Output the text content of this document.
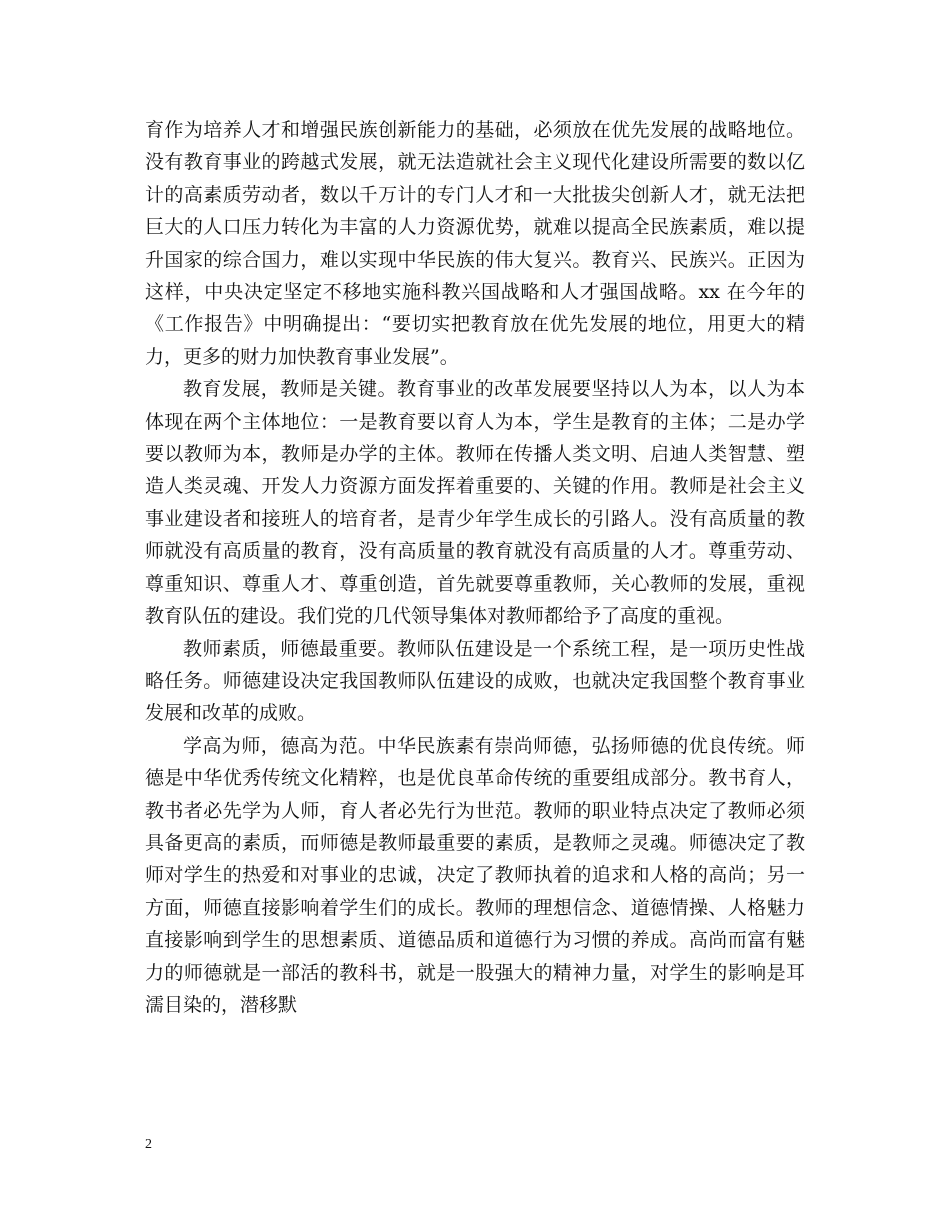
育作为培养人才和增强民族创新能力的基础，必须放在优先发展的战略地位。没有教育事业的跨越式发展，就无法造就社会主义现代化建设所需要的数以亿计的高素质劳动者，数以千万计的专门人才和一大批拔尖创新人才，就无法把巨大的人口压力转化为丰富的人力资源优势，就难以提高全民族素质，难以提升国家的综合国力，难以实现中华民族的伟大复兴。教育兴、民族兴。正因为这样，中央决定坚定不移地实施科教兴国战略和人才强国战略。xx 在今年的《工作报告》中明确提出：“要切实把教育放在优先发展的地位，用更大的精力，更多的财力加快教育事业发展”。

教育发展，教师是关键。教育事业的改革发展要坚持以人为本，以人为本体现在两个主体地位：一是教育要以育人为本，学生是教育的主体；二是办学要以教师为本，教师是办学的主体。教师在传播人类文明、启迪人类智慧、塑造人类灵魂、开发人力资源方面发挥着重要的、关键的作用。教师是社会主义事业建设者和接班人的培育者，是青少年学生成长的引路人。没有高质量的教师就没有高质量的教育，没有高质量的教育就没有高质量的人才。尊重劳动、尊重知识、尊重人才、尊重创造，首先就要尊重教师，关心教师的发展，重视教育队伍的建设。我们党的几代领导集体对教师都给予了高度的重视。

教师素质，师德最重要。教师队伍建设是一个系统工程，是一项历史性战略任务。师德建设决定我国教师队伍建设的成败，也就决定我国整个教育事业发展和改革的成败。

学高为师，德高为范。中华民族素有崇尚师德，弘扬师德的优良传统。师德是中华优秀传统文化精粹，也是优良革命传统的重要组成部分。教书育人，教书者必先学为人师，育人者必先行为世范。教师的职业特点决定了教师必须具备更高的素质，而师德是教师最重要的素质，是教师之灵魂。师德决定了教师对学生的热爱和对事业的忠诚，决定了教师执着的追求和人格的高尚；另一方面，师德直接影响着学生们的成长。教师的理想信念、道德情操、人格魅力直接影响到学生的思想素质、道德品质和道德行为习惯的养成。高尚而富有魅力的师德就是一部活的教科书，就是一股强大的精神力量，对学生的影响是耳濡目染的，潜移默

2
